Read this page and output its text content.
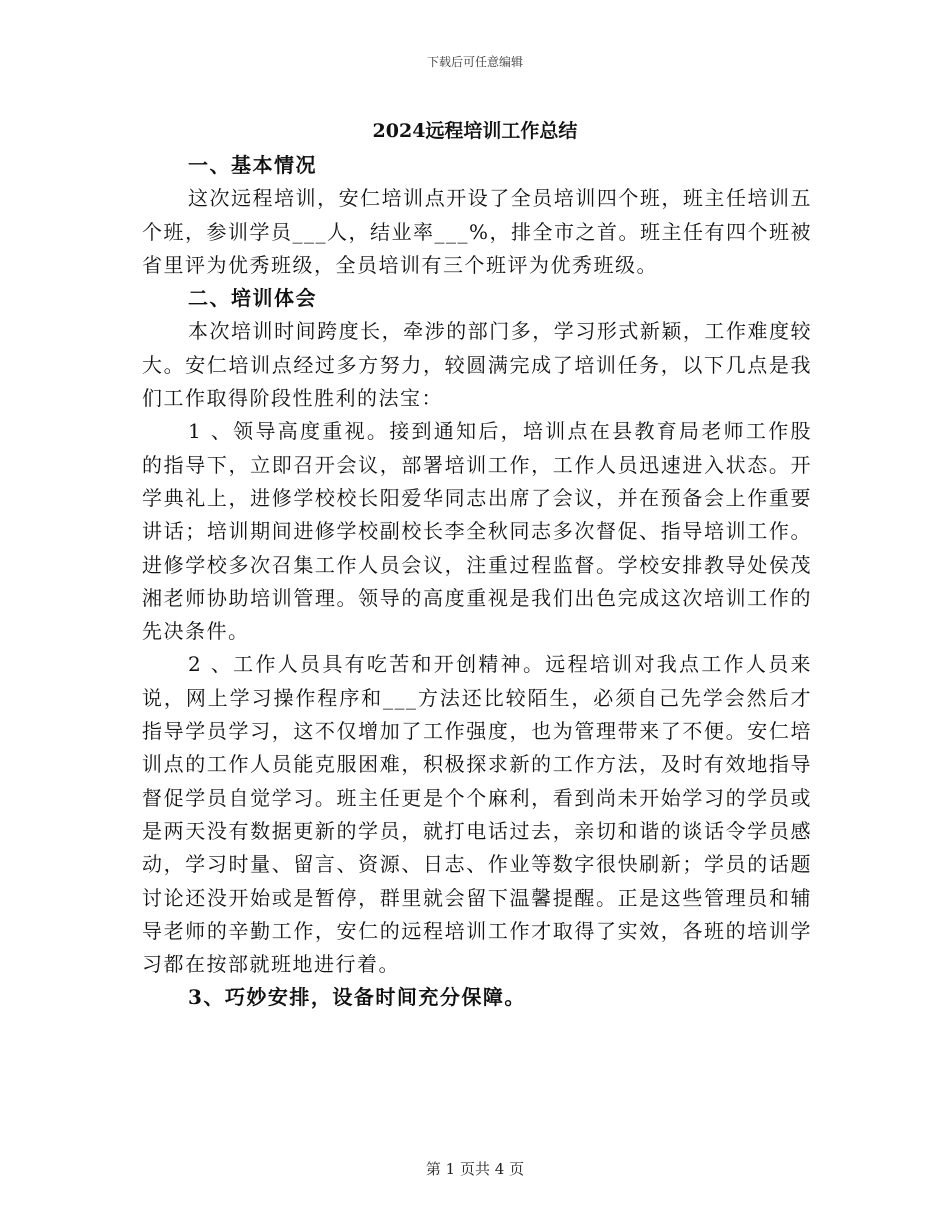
下载后可任意编辑
2024远程培训工作总结

一、基本情况

这次远程培训，安仁培训点开设了全员培训四个班，班主任培训五个班，参训学员___人，结业率___%，排全市之首。班主任有四个班被省里评为优秀班级，全员培训有三个班评为优秀班级。

二、培训体会

本次培训时间跨度长，牵涉的部门多，学习形式新颖，工作难度较大。安仁培训点经过多方努力，较圆满完成了培训任务，以下几点是我们工作取得阶段性胜利的法宝：

1 、领导高度重视。接到通知后，培训点在县教育局老师工作股的指导下，立即召开会议，部署培训工作，工作人员迅速进入状态。开学典礼上，进修学校校长阳爱华同志出席了会议，并在预备会上作重要讲话；培训期间进修学校副校长李全秋同志多次督促、指导培训工作。进修学校多次召集工作人员会议，注重过程监督。学校安排教导处侯茂湘老师协助培训管理。领导的高度重视是我们出色完成这次培训工作的先决条件。

2 、工作人员具有吃苦和开创精神。远程培训对我点工作人员来说，网上学习操作程序和___方法还比较陌生，必须自己先学会然后才指导学员学习，这不仅增加了工作强度，也为管理带来了不便。安仁培训点的工作人员能克服困难，积极探求新的工作方法，及时有效地指导督促学员自觉学习。班主任更是个个麻利，看到尚未开始学习的学员或是两天没有数据更新的学员，就打电话过去，亲切和谐的谈话令学员感动，学习时量、留言、资源、日志、作业等数字很快刷新；学员的话题讨论还没开始或是暂停，群里就会留下温馨提醒。正是这些管理员和辅导老师的辛勤工作，安仁的远程培训工作才取得了实效，各班的培训学习都在按部就班地进行着。

3、巧妙安排，设备时间充分保障。

第 1 页共 4 页
